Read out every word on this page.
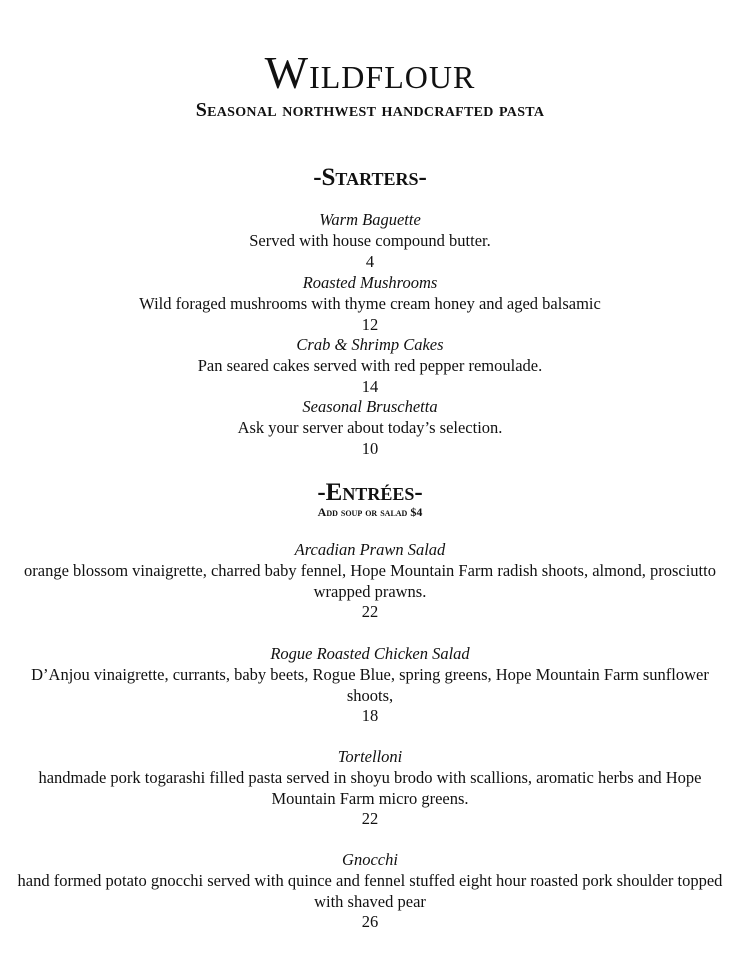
Wildflour
Seasonal northwest handcrafted pasta
-Starters-
Warm Baguette
Served with house compound butter.
4
Roasted Mushrooms
Wild foraged mushrooms with thyme cream honey and aged balsamic
12
Crab & Shrimp Cakes
Pan seared cakes served with red pepper remoulade.
14
Seasonal Bruschetta
Ask your server about today’s selection.
10
-Entrées-
Add soup or salad $4
Arcadian Prawn Salad
orange blossom vinaigrette, charred baby fennel, Hope Mountain Farm radish shoots, almond, prosciutto wrapped prawns.
22
Rogue Roasted Chicken Salad
D’Anjou vinaigrette, currants, baby beets, Rogue Blue, spring greens, Hope Mountain Farm sunflower shoots,
18
Tortelloni
handmade pork togarashi filled pasta served in shoyu brodo with scallions, aromatic herbs and Hope Mountain Farm micro greens.
22
Gnocchi
hand formed potato gnocchi served with quince and fennel stuffed eight hour roasted pork shoulder topped with shaved pear
26
